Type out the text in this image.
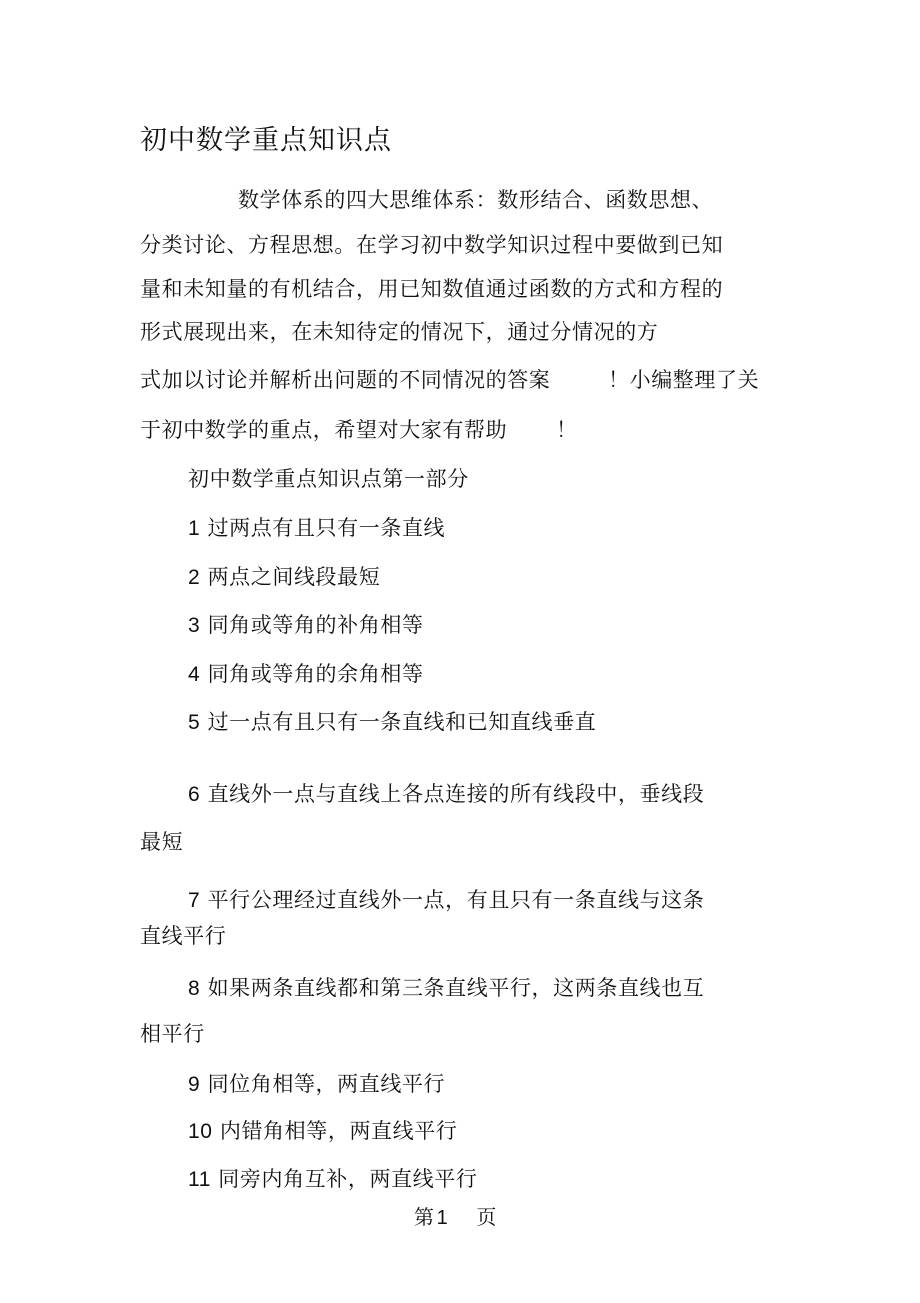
初中数学重点知识点
数学体系的四大思维体系：数形结合、函数思想、
分类讨论、方程思想。在学习初中数学知识过程中要做到已知
量和未知量的有机结合，用已知数值通过函数的方式和方程的
形式展现出来，在未知待定的情况下，通过分情况的方
式加以讨论并解析出问题的不同情况的答案	！小编整理了关
于初中数学的重点，希望对大家有帮助 ！
初中数学重点知识点第一部分
1 过两点有且只有一条直线
2 两点之间线段最短
3 同角或等角的补角相等
4 同角或等角的余角相等
5 过一点有且只有一条直线和已知直线垂直
6 直线外一点与直线上各点连接的所有线段中，垂线段
最短
7 平行公理经过直线外一点，有且只有一条直线与这条
直线平行
8 如果两条直线都和第三条直线平行，这两条直线也互
相平行
9 同位角相等，两直线平行
10 内错角相等，两直线平行
11 同旁内角互补，两直线平行
第 1 页
